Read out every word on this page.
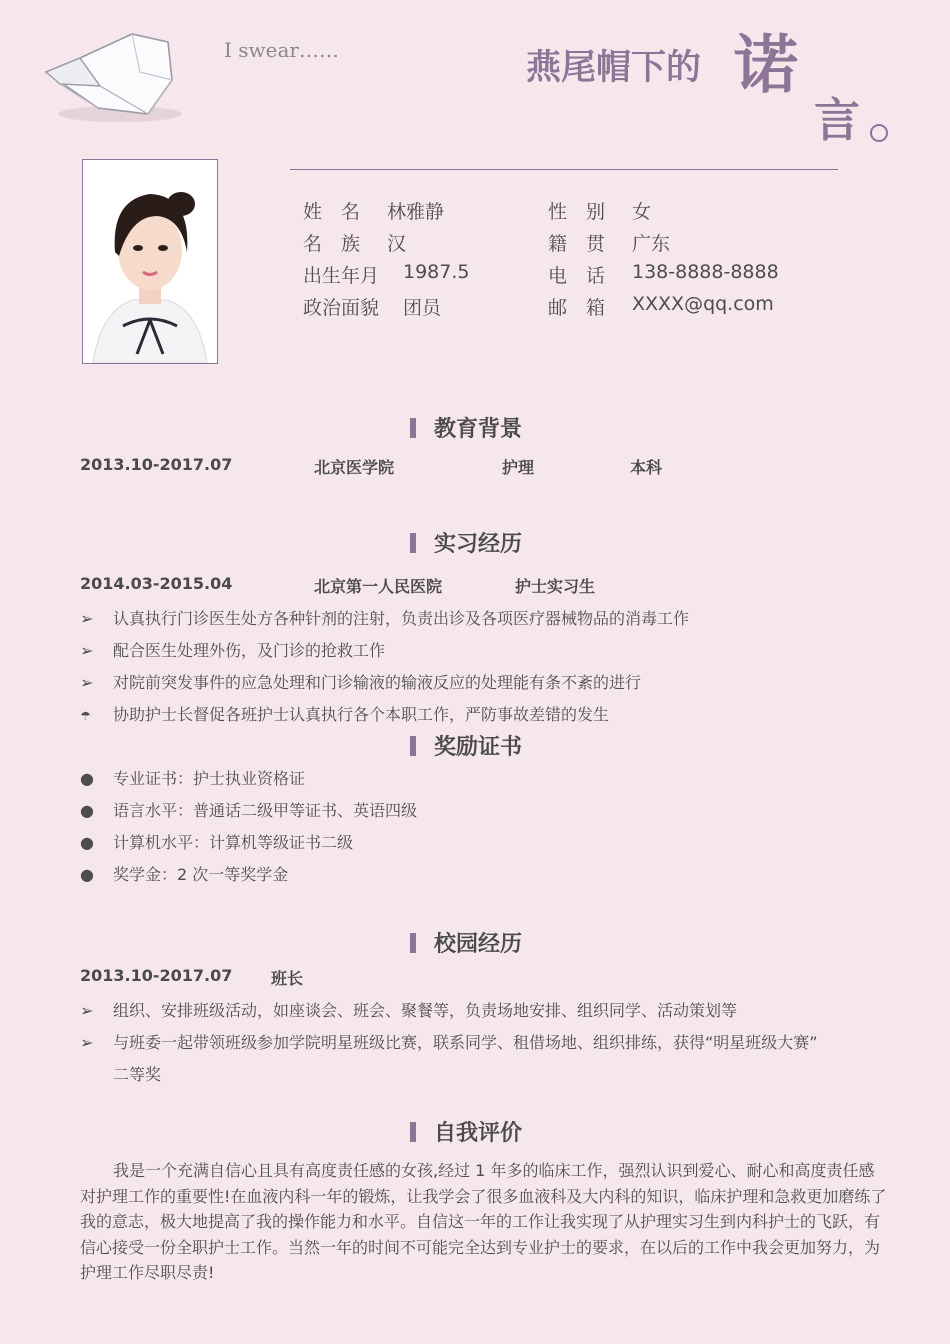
I swear……	燕尾帽下的 诺
言
姓　名 林雅静	性　别 女
名　族 汉	籍　贯 广东
出生年月 1987.5	电　话 138-8888-8888
政治面貌 团员	邮　箱 XXXX@qq.com
教育背景
2013.10-2017.07	北京医学院	护理	本科
实习经历
2014.03-2015.04	北京第一人民医院	护士实习生
➢ 认真执行门诊医生处方各种针剂的注射，负责出诊及各项医疗器械物品的消毒工作
➢ 配合医生处理外伤，及门诊的抢救工作
➢ 对院前突发事件的应急处理和门诊输液的输液反应的处理能有条不紊的进行
☂ 协助护士长督促各班护士认真执行各个本职工作，严防事故差错的发生
奖励证书
● 专业证书：护士执业资格证
● 语言水平：普通话二级甲等证书、英语四级
● 计算机水平：计算机等级证书二级
● 奖学金：2 次一等奖学金
校园经历
2013.10-2017.07 班长
➢ 组织、安排班级活动，如座谈会、班会、聚餐等，负责场地安排、组织同学、活动策划等
➢ 与班委一起带领班级参加学院明星班级比赛，联系同学、租借场地、组织排练，获得“明星班级大赛”
二等奖
自我评价
我是一个充满自信心且具有高度责任感的女孩,经过 1 年多的临床工作，强烈认识到爱心、耐心和高度责任感对护理工作的重要性!在血液内科一年的锻炼，让我学会了很多血液科及大内科的知识，临床护理和急救更加磨练了我的意志，极大地提高了我的操作能力和水平。自信这一年的工作让我实现了从护理实习生到内科护士的飞跃，有信心接受一份全职护士工作。当然一年的时间不可能完全达到专业护士的要求，在以后的工作中我会更加努力，为护理工作尽职尽责!
